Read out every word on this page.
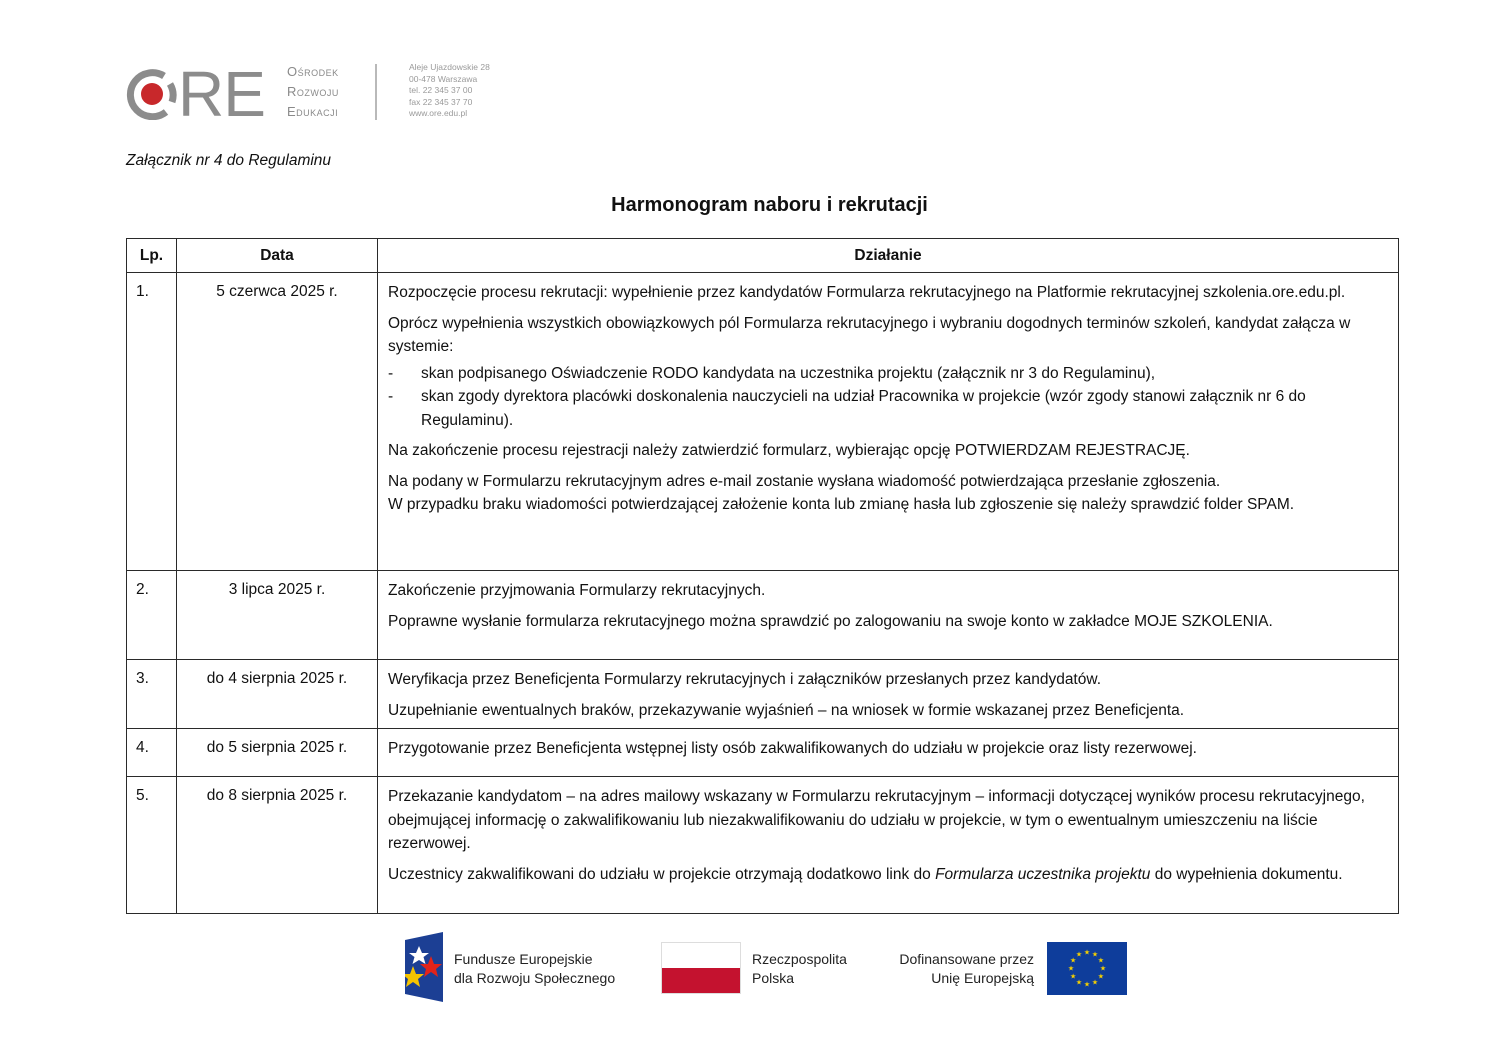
RE Ośrodek
Rozwoju
Edukacji
Aleje Ujazdowskie 28
00-478 Warszawa
tel. 22 345 37 00
fax 22 345 37 70
www.ore.edu.pl
Załącznik nr 4 do Regulaminu
Harmonogram naboru i rekrutacji
Lp.	Data	Działanie
1.	5 czerwca 2025 r.	Rozpoczęcie procesu rekrutacji: wypełnienie przez kandydatów Formularza rekrutacyjnego na Platformie rekrutacyjnej szkolenia.ore.edu.pl.

Oprócz wypełnienia wszystkich obowiązkowych pól Formularza rekrutacyjnego i wybraniu dogodnych terminów szkoleń, kandydat załącza w systemie:

- skan podpisanego Oświadczenie RODO kandydata na uczestnika projektu (załącznik nr 3 do Regulaminu),
- skan zgody dyrektora placówki doskonalenia nauczycieli na udział Pracownika w projekcie (wzór zgody stanowi załącznik nr 6 do Regulaminu).

Na zakończenie procesu rejestracji należy zatwierdzić formularz, wybierając opcję POTWIERDZAM REJESTRACJĘ.

Na podany w Formularzu rekrutacyjnym adres e-mail zostanie wysłana wiadomość potwierdzająca przesłanie zgłoszenia.

W przypadku braku wiadomości potwierdzającej założenie konta lub zmianę hasła lub zgłoszenie się należy sprawdzić folder SPAM.

2.	3 lipca 2025 r.	Zakończenie przyjmowania Formularzy rekrutacyjnych.

Poprawne wysłanie formularza rekrutacyjnego można sprawdzić po zalogowaniu na swoje konto w zakładce MOJE SZKOLENIA.

3.	do 4 sierpnia 2025 r.	Weryfikacja przez Beneficjenta Formularzy rekrutacyjnych i załączników przesłanych przez kandydatów.

Uzupełnianie ewentualnych braków, przekazywanie wyjaśnień – na wniosek w formie wskazanej przez Beneficjenta.

4.	do 5 sierpnia 2025 r.	Przygotowanie przez Beneficjenta wstępnej listy osób zakwalifikowanych do udziału w projekcie oraz listy rezerwowej.

5.	do 8 sierpnia 2025 r.	Przekazanie kandydatom – na adres mailowy wskazany w Formularzu rekrutacyjnym – informacji dotyczącej wyników procesu rekrutacyjnego, obejmującej informację o zakwalifikowaniu lub niezakwalifikowaniu do udziału w projekcie, w tym o ewentualnym umieszczeniu na liście rezerwowej.

Uczestnicy zakwalifikowani do udziału w projekcie otrzymają dodatkowo link do Formularza uczestnika projektu do wypełnienia dokumentu.

Fundusze Europejskie
dla Rozwoju Społecznego
Rzeczpospolita
Polska
Dofinansowane przez
Unię Europejską
★ ★
★
★
★
★
★
★
★
★
★
★
